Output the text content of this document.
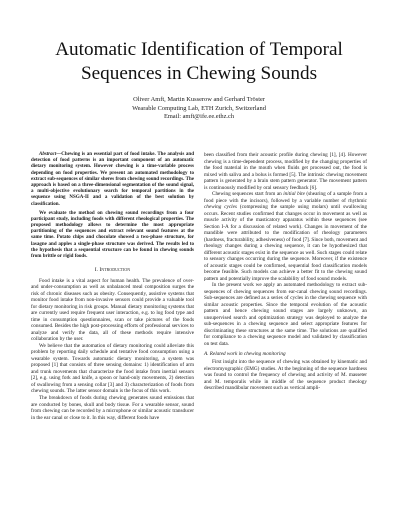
Automatic Identification of Temporal Sequences in Chewing Sounds
Oliver Amft, Martin Kusserow and Gerhard Tröster
Wearable Computing Lab, ETH Zurich, Switzerland
Email: amft@ife.ee.ethz.ch

Abstract—Chewing is an essential part of food intake. The analysis and detection of food patterns is an important component of an automatic dietary monitoring system. However chewing is a time-variable process depending on food properties. We present an automated methodology to extract sub-sequences of similar sheres from chewing sound recordings. The approach is based on a three-dimensional segmentation of the sound signal, a multi-objective evolutionary search for temporal partitions in the sequence using NSGA-II and a validation of the best solution by classification.

We evaluate the method on chewing sound recordings from a four participant study, including foods with different rheological properties. The proposed methodology allows to determine the most appropriate partitioning of the sequences and extract relevant sound features at the same time. Potato chips and chocolate showed a two-phase structure, for lasagne and apples a single-phase structure was derived. The results led to the hypothesis that a sequential structure can be found in chewing sounds from brittle or rigid foods.

I. Introduction

Food intake is a vital aspect for human health. The prevalence of over- and under-consumption as well as unbalanced meal composition surges the risk of chronic diseases such as obesity. Consequently, assistive systems that monitor food intake from non-invasive sensors could provide a valuable tool for dietary monitoring in risk groups. Manual dietary monitoring systems that are currently used require frequent user interaction, e.g. to log food type and time in consumption questionnaires, scan or take pictures of the foods consumed. Besides the high post-processing efforts of professional services to analyze and verify the data, all of these methods require intensive collaboration by the user.

We believe that the automation of dietary monitoring could alleviate this problem by reporting daily schedule and tentative food consumption using a wearable system. Towards automatic dietary monitoring, a system was proposed [1] that consists of three sensing domains: 1) identification of arm and trunk movements that characterize the food intake from inertial sensors [2], e.g. using fork and knife, a spoon or hand-only movements, 2) detection of swallowing from a sensing collar [3] and 3) characterization of foods from chewing sounds. The latter sensor domain is the focus of this work.

The breakdown of foods during chewing generates sound emissions that are conducted by bones, skull and body tissue. For a wearable sensor, sound from chewing can be recorded by a microphone or similar acoustic transducer in the ear canal or close to it. In this way, different foods have

been classified from their acoustic profile during chewing [1], [4]. However chewing is a time-dependent process, modified by the changing properties of the food material in the mouth when fluids get processed out, the food is mixed with saliva and a bolus is formed [5]. The intrinsic chewing movement pattern is generated by a brain stem pattern generator. The movement pattern is continuously modified by oral sensory feedback [6].

Chewing sequences start from an initial bite (shearing of a sample from a food piece with the incisors), followed by a variable number of rhythmic chewing cycles (compressing the sample using molars) until swallowing occurs. Recent studies confirmed that changes occur in movement as well as muscle activity of the masticatory apparatus within these sequences (see Section I-A for a discussion of related work). Changes in movement of the mandible were attributed to the modification of rheology parameters (hardness, fracturability, adhesiveness) of food [7]. Since both, movement and rheology changes during a chewing sequence, it can be hypothesized that different acoustic stages exist in the sequence as well. Such stages could relate to sensory changes occurring during the sequence. Moreover, if the existence of acoustic stages could be confirmed, sequential food classification models become feasible. Such models can achieve a better fit to the chewing sound pattern and potentially improve the scalability of food sound models.

In the present work we apply an automated methodology to extract sub-sequences of chewing sequences from ear-canal chewing sound recordings. Sub-sequences are defined as a series of cycles in the chewing sequence with similar acoustic properties. Since the temporal evolution of the acoustic pattern and hence chewing sound stages are largely unknown, an unsupervised search and optimization strategy was deployed to analyze the sub-sequences in a chewing sequence and select appropriate features for discriminating these structures at the same time. The solutions are qualified for compliance to a chewing sequence model and validated by classification on test data.

A. Related work in chewing monitoring

First insight into the sequence of chewing was obtained by kinematic and electromyographic (EMG) studies. At the beginning of the sequence hardness was found to control the frequency of chewing and activity of M. masseter and M. temporalis while in middle of the sequence product rheology described mandibular movement such as vertical ampli-
